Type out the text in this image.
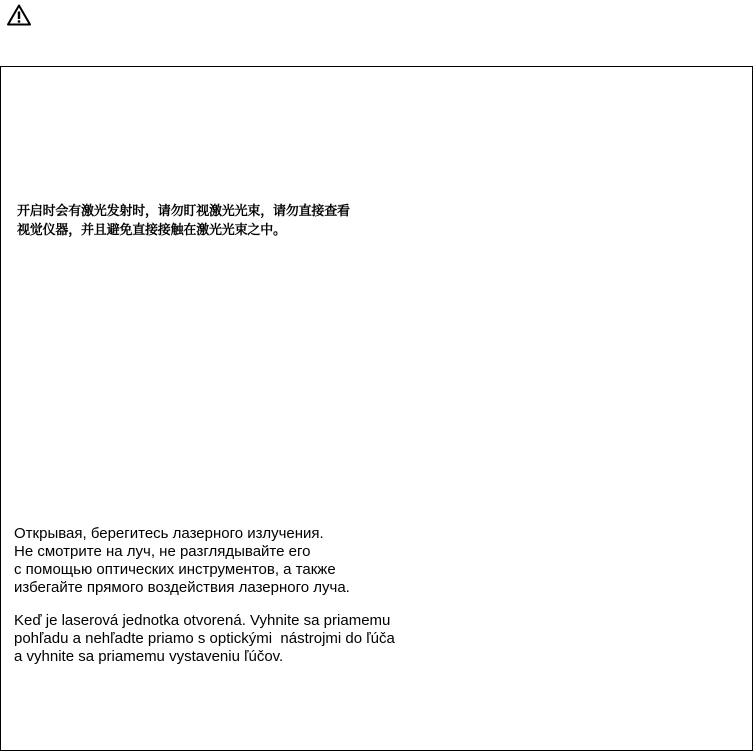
开启时会有激光发射时，请勿盯视激光光束，请勿直接查看
视觉仪器，并且避免直接接触在激光光束之中。
Открывая, берегитесь лазерного излучения.
Не смотрите на луч, не разглядывайте его
с помощью оптических инструментов, а также
избегайте прямого воздействия лазерного луча.
Keď je laserová jednotka otvorená. Vyhnite sa priamemu
pohľadu a nehľadte priamo s optickými  nástrojmi do ľúča
a vyhnite sa priamemu vystaveniu ľúčov.
